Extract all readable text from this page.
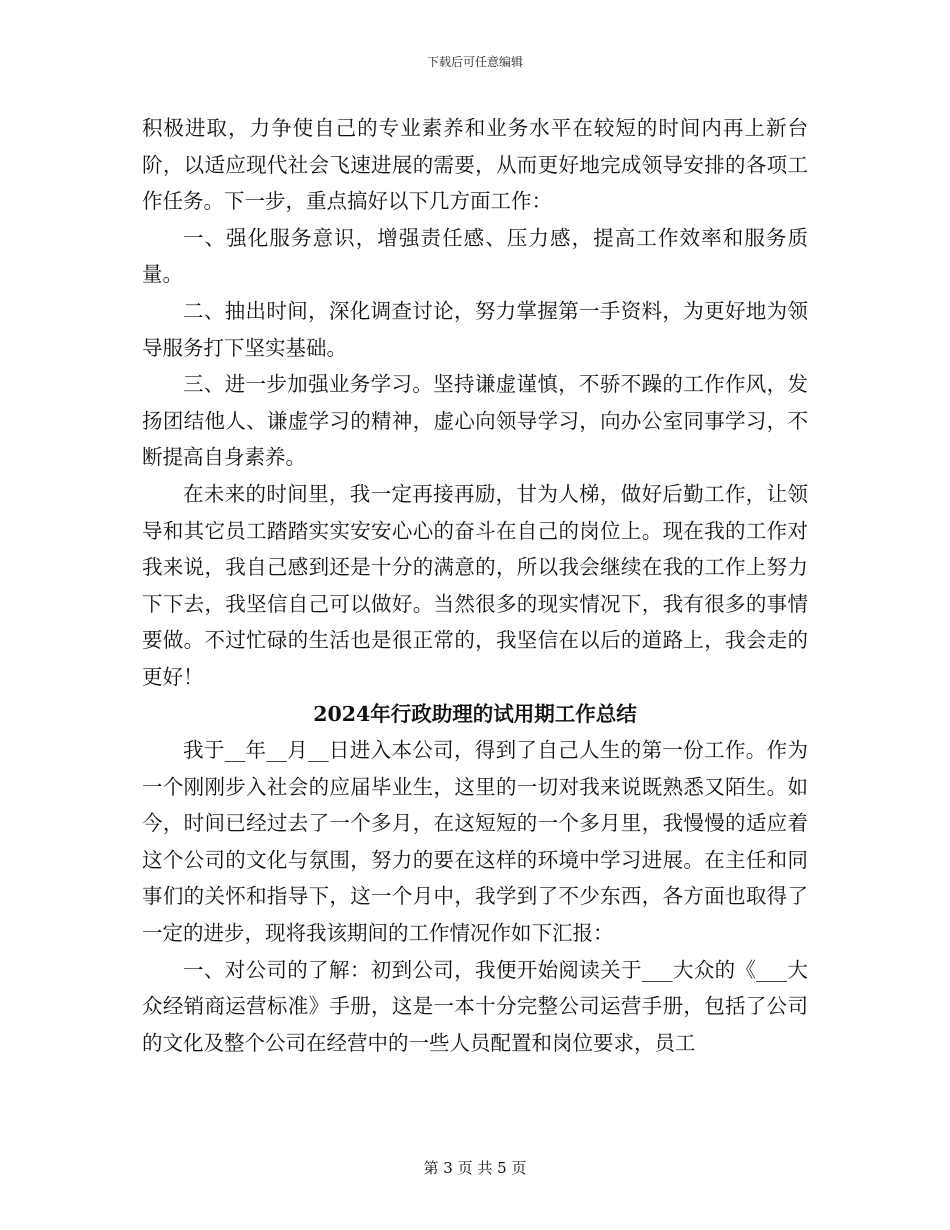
下载后可任意编辑

积极进取，力争使自己的专业素养和业务水平在较短的时间内再上新台阶，以适应现代社会飞速进展的需要，从而更好地完成领导安排的各项工作任务。下一步，重点搞好以下几方面工作：

一、强化服务意识，增强责任感、压力感，提高工作效率和服务质量。

二、抽出时间，深化调查讨论，努力掌握第一手资料，为更好地为领导服务打下坚实基础。

三、进一步加强业务学习。坚持谦虚谨慎，不骄不躁的工作作风，发扬团结他人、谦虚学习的精神，虚心向领导学习，向办公室同事学习，不断提高自身素养。

在未来的时间里，我一定再接再励，甘为人梯，做好后勤工作，让领导和其它员工踏踏实实安安心心的奋斗在自己的岗位上。现在我的工作对我来说，我自己感到还是十分的满意的，所以我会继续在我的工作上努力下下去，我坚信自己可以做好。当然很多的现实情况下，我有很多的事情要做。不过忙碌的生活也是很正常的，我坚信在以后的道路上，我会走的更好！

2024年行政助理的试用期工作总结

我于__年__月__日进入本公司，得到了自己人生的第一份工作。作为一个刚刚步入社会的应届毕业生，这里的一切对我来说既熟悉又陌生。如今，时间已经过去了一个多月，在这短短的一个多月里，我慢慢的适应着这个公司的文化与氛围，努力的要在这样的环境中学习进展。在主任和同事们的关怀和指导下，这一个月中，我学到了不少东西，各方面也取得了一定的进步，现将我该期间的工作情况作如下汇报：

一、对公司的了解：初到公司，我便开始阅读关于___大众的《___大众经销商运营标准》手册，这是一本十分完整公司运营手册，包括了公司的文化及整个公司在经营中的一些人员配置和岗位要求，员工

第 3 页 共 5 页
